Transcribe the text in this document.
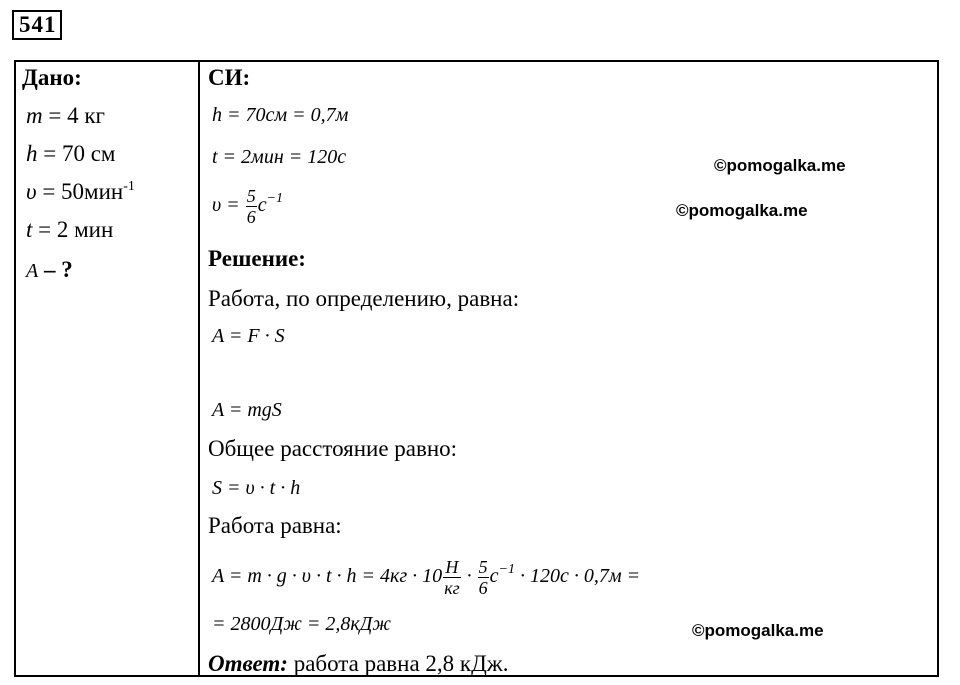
541
Дано:
m = 4 кг
h = 70 см
υ = 50мин$^{-1}$
t = 2 мин
A – ?
СИ:
h = 70см = 0,7м
t = 2мин = 120с
$\upsilon = \frac{5}{6} c^{-1}$
Решение:
Работа, по определению, равна:
A = F · S
A = mgS
Общее расстояние равно:
S = υ · t · h
Работа равна:
$A = m \cdot g \cdot \upsilon \cdot t \cdot h = 4кг \cdot 10 \frac{Н}{кг} \cdot \frac{5}{6} c^{-1} \cdot 120с \cdot 0,7м$ =
= 2800Дж = 2,8кДж
Ответ: работа равна 2,8 кДж.
©pomogalka.me
©pomogalka.me
©pomogalka.me
